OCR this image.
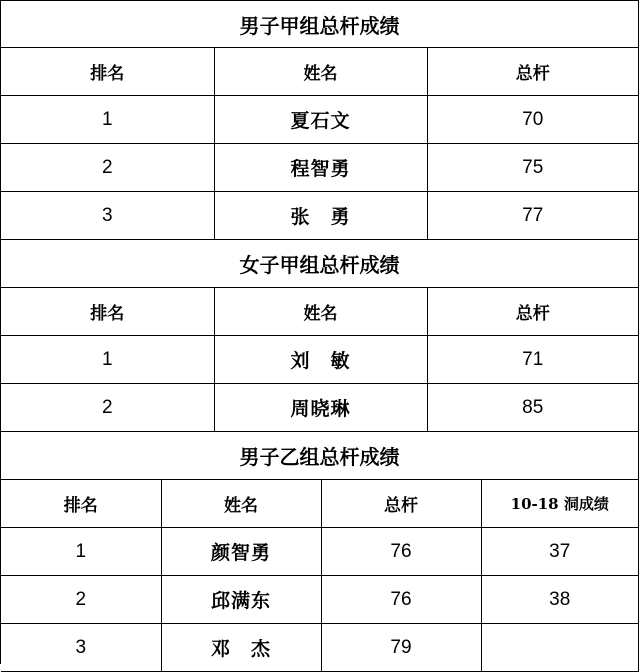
男子甲组总杆成绩		
排名	姓名	总杆
1	夏石文	70
2	程智勇	75
3	张　勇	77
女子甲组总杆成绩		
排名	姓名	总杆
1	刘　敏	71
2	周晓琳	85
男子乙组总杆成绩			
排名	姓名	总杆	10-18 洞成绩
1	颜智勇	76	37
2	邱满东	76	38
3	邓　杰	79	
